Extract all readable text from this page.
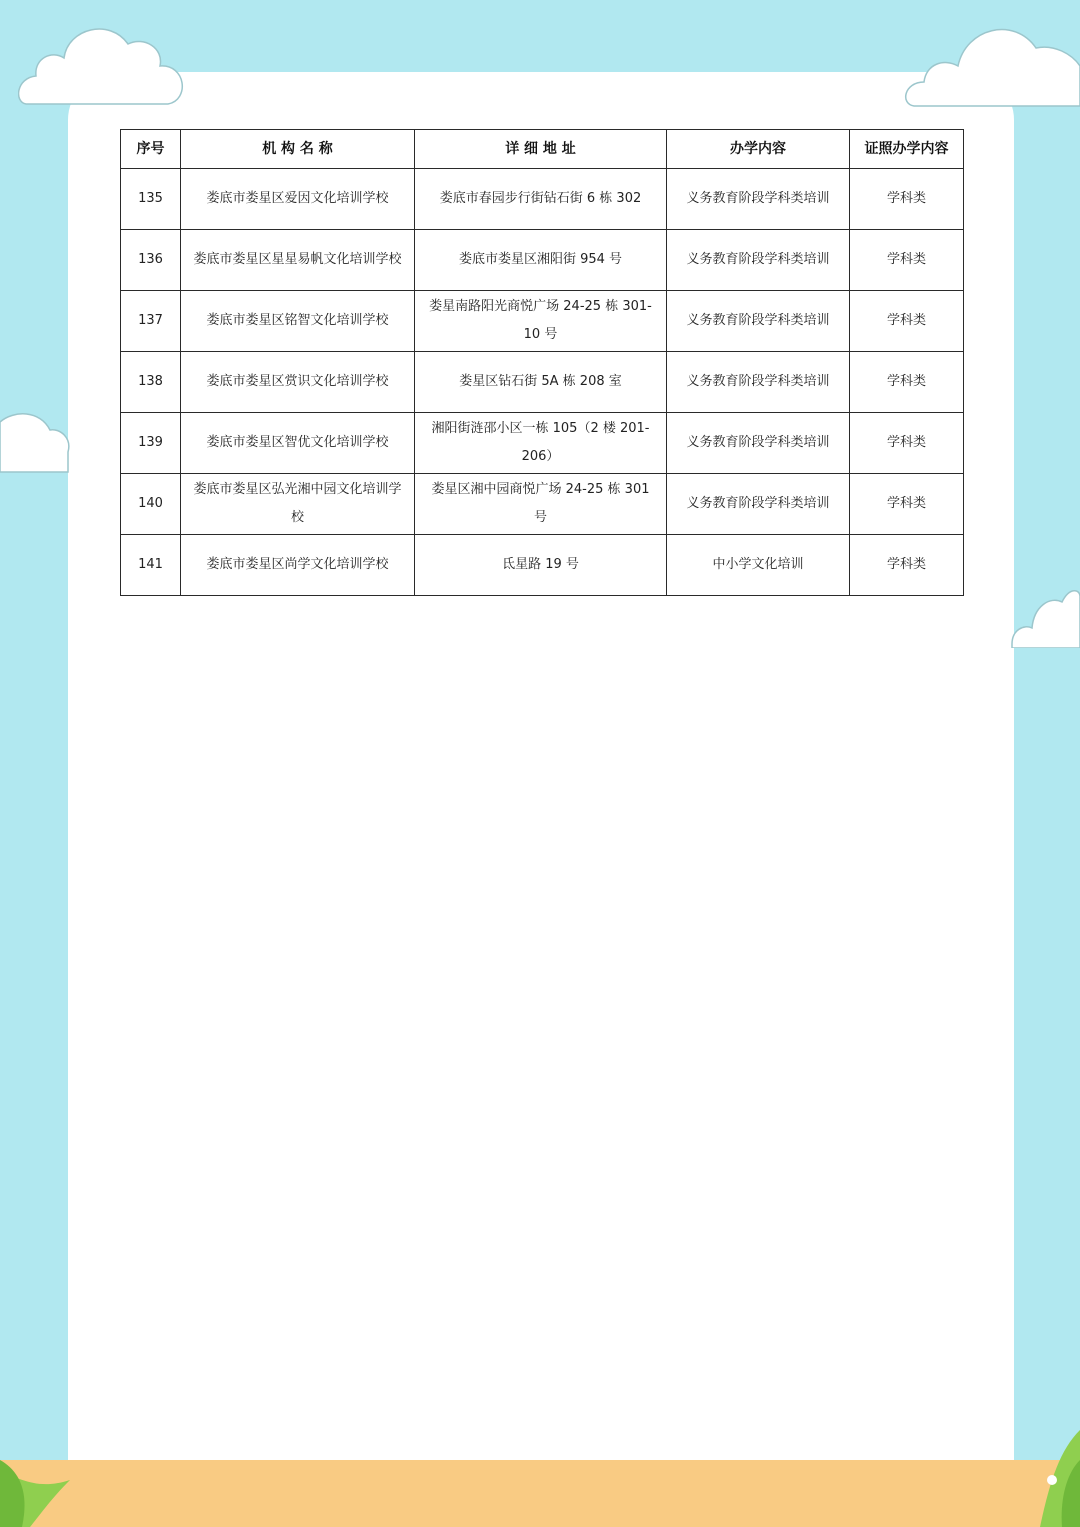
序号	机 构 名 称	详 细 地 址	办学内容	证照办学内容
135	娄底市娄星区爱因文化培训学校	娄底市春园步行街钻石街 6 栋 302	义务教育阶段学科类培训	学科类
136	娄底市娄星区星星易帆文化培训学校	娄底市娄星区湘阳街 954 号	义务教育阶段学科类培训	学科类
137	娄底市娄星区铭智文化培训学校	娄星南路阳光商悦广场 24-25 栋 301-10 号	义务教育阶段学科类培训	学科类
138	娄底市娄星区赏识文化培训学校	娄星区钻石街 5A 栋 208 室	义务教育阶段学科类培训	学科类
139	娄底市娄星区智优文化培训学校	湘阳街涟邵小区一栋 105（2 楼 201-206）	义务教育阶段学科类培训	学科类
140	娄底市娄星区弘光湘中园文化培训学校	娄星区湘中园商悦广场 24-25 栋 301 号	义务教育阶段学科类培训	学科类
141	娄底市娄星区尚学文化培训学校	氐星路 19 号	中小学文化培训	学科类
